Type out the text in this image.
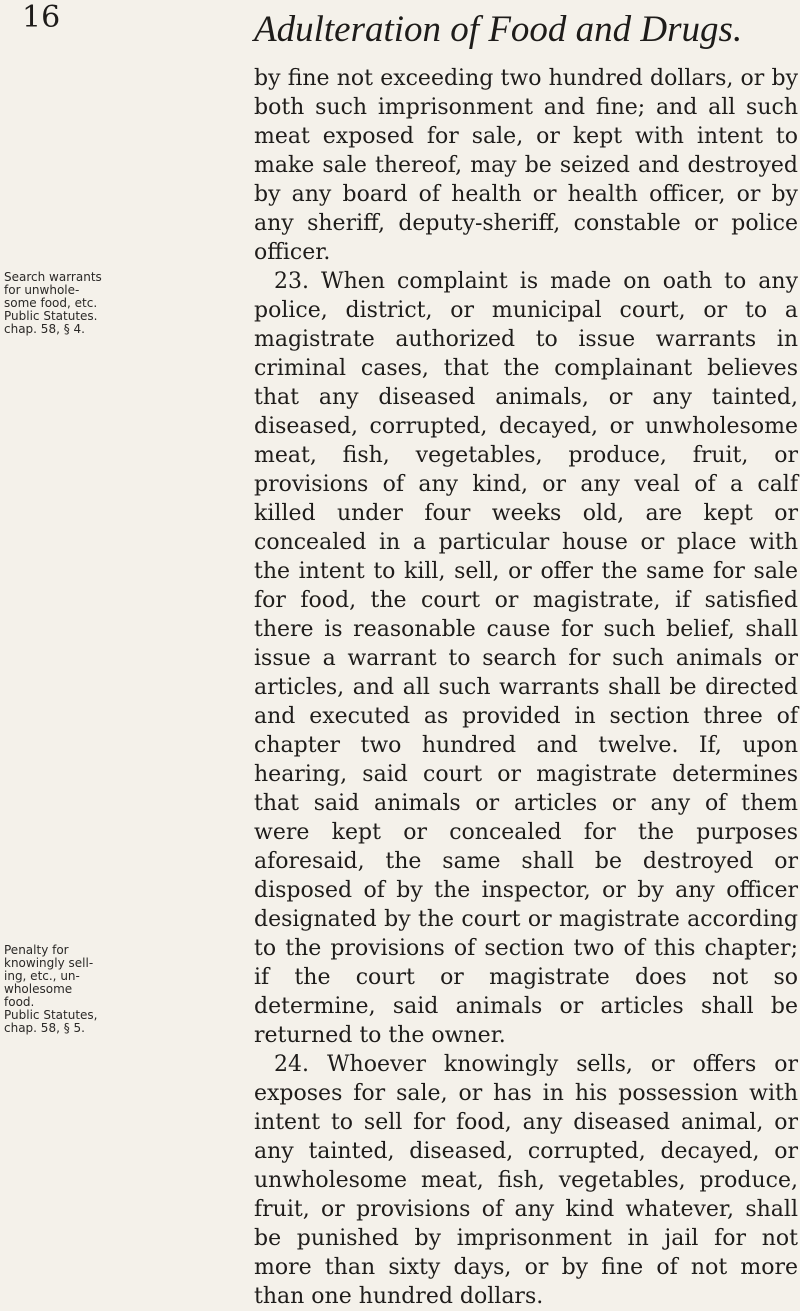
16	Adulteration of Food and Drugs.
Search warrants
for unwhole-
some food, etc.
Public Statutes.
chap. 58, § 4.
Penalty for
knowingly sell-
ing, etc., un-
wholesome
food.
Public Statutes,
chap. 58, § 5.

by fine not exceeding two hundred dollars, or by both such imprisonment and fine; and all such meat exposed for sale, or kept with intent to make sale thereof, may be seized and destroyed by any board of health or health officer, or by any sheriff, deputy-sheriff, constable or police officer.

23. When complaint is made on oath to any police, district, or municipal court, or to a magistrate authorized to issue warrants in criminal cases, that the complainant believes that any diseased animals, or any tainted, diseased, corrupted, decayed, or unwholesome meat, fish, vegetables, produce, fruit, or provisions of any kind, or any veal of a calf killed under four weeks old, are kept or concealed in a particular house or place with the intent to kill, sell, or offer the same for sale for food, the court or magistrate, if satisfied there is reasonable cause for such belief, shall issue a warrant to search for such animals or articles, and all such warrants shall be directed and executed as provided in section three of chapter two hundred and twelve. If, upon hearing, said court or magistrate determines that said animals or articles or any of them were kept or concealed for the purposes aforesaid, the same shall be destroyed or disposed of by the inspector, or by any officer designated by the court or magistrate according to the provisions of section two of this chapter; if the court or magistrate does not so determine, said animals or articles shall be returned to the owner.

24. Whoever knowingly sells, or offers or exposes for sale, or has in his possession with intent to sell for food, any diseased animal, or any tainted, diseased, corrupted, decayed, or unwholesome meat, fish, vegetables, produce, fruit, or provisions of any kind whatever, shall be punished by imprisonment in jail for not more than sixty days, or by fine of not more than one hundred dollars.
